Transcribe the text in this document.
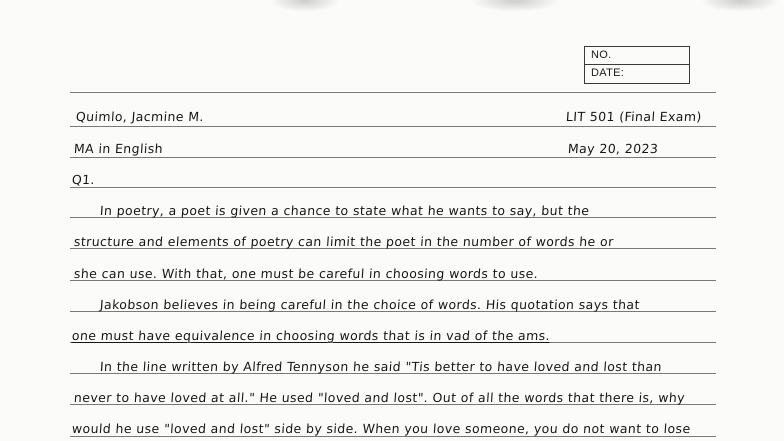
NO.
DATE:
Quimlo, Jacmine M.	LIT 501 (Final Exam)
MA in English	May 20, 2023
Q1.
In poetry, a poet is given a chance to state what he wants to say, but the
structure and elements of poetry can limit the poet in the number of words he or
she can use. With that, one must be careful in choosing words to use.
Jakobson believes in being careful in the choice of words. His quotation says that
one must have equivalence in choosing words that is in vad of the ams.
In the line written by Alfred Tennyson he said "Tis better to have loved and lost than
never to have loved at all." He used "loved and lost". Out of all the words that there is, why
would he use "loved and lost" side by side. When you love someone, you do not want to lose
